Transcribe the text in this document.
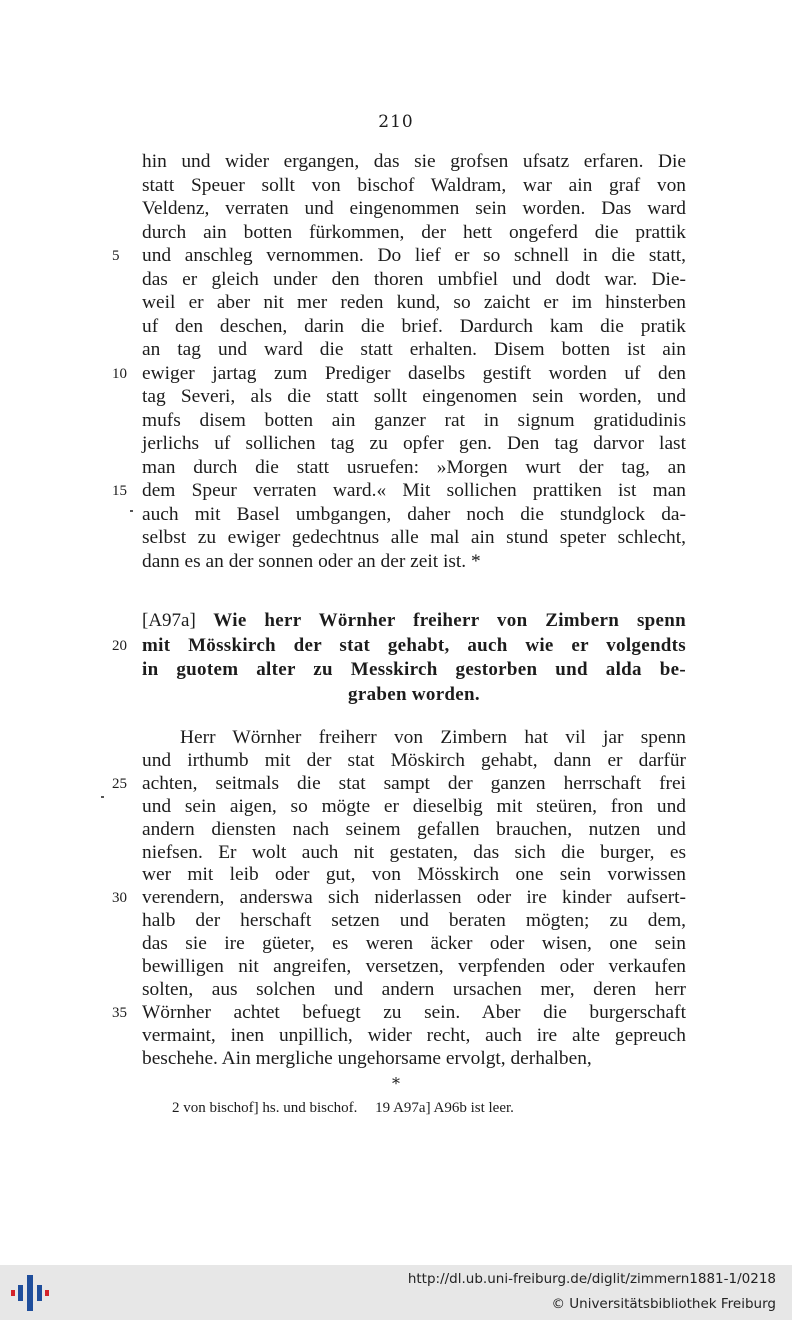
210
hin und wider ergangen, das sie grofsen ufsatz erfaren. Die
statt Speuer sollt von bischof Waldram, war ain graf von
Veldenz, verraten und eingenommen sein worden. Das ward
durch ain botten fürkommen, der hett ongeferd die prattik
und anschleg vernommen. Do lief er so schnell in die statt,
5
das er gleich under den thoren umbfiel und dodt war. Die-
weil er aber nit mer reden kund, so zaicht er im hinsterben
uf den deschen, darin die brief. Dardurch kam die pratik
an tag und ward die statt erhalten. Disem botten ist ain
ewiger jartag zum Prediger daselbs gestift worden uf den
10
tag Severi, als die statt sollt eingenomen sein worden, und
mufs disem botten ain ganzer rat in signum gratidudinis
jerlichs uf sollichen tag zu opfer gen. Den tag darvor last
man durch die statt usruefen: »Morgen wurt der tag, an
dem Speur verraten ward.« Mit sollichen prattiken ist man
15
auch mit Basel umbgangen, daher noch die stundglock da-
selbst zu ewiger gedechtnus alle mal ain stund speter schlecht,
dann es an der sonnen oder an der zeit ist. *
[A97a] Wie herr Wörnher freiherr von Zimbern spenn
mit Mösskirch der stat gehabt, auch wie er volgendts
20
in guotem alter zu Messkirch gestorben und alda be-
graben worden.
Herr Wörnher freiherr von Zimbern hat vil jar spenn
und irthumb mit der stat Möskirch gehabt, dann er darfür
achten, seitmals die stat sampt der ganzen herrschaft frei
25
und sein aigen, so mögte er dieselbig mit steüren, fron und
andern diensten nach seinem gefallen brauchen, nutzen und
niefsen. Er wolt auch nit gestaten, das sich die burger, es
wer mit leib oder gut, von Mösskirch one sein vorwissen
verendern, anderswa sich niderlassen oder ire kinder aufsert-
30
halb der herschaft setzen und beraten mögten; zu dem,
das sie ire güeter, es weren äcker oder wisen, one sein
bewilligen nit angreifen, versetzen, verpfenden oder verkaufen
solten, aus solchen und andern ursachen mer, deren herr
Wörnher achtet befuegt zu sein. Aber die burgerschaft
35
vermaint, inen unpillich, wider recht, auch ire alte gepreuch
beschehe. Ain mergliche ungehorsame ervolgt, derhalben,
*
2 von bischof] hs. und bischof. 19 A97a] A96b ist leer.
http://dl.ub.uni-freiburg.de/diglit/zimmern1881-1/0218
© Universitätsbibliothek Freiburg
